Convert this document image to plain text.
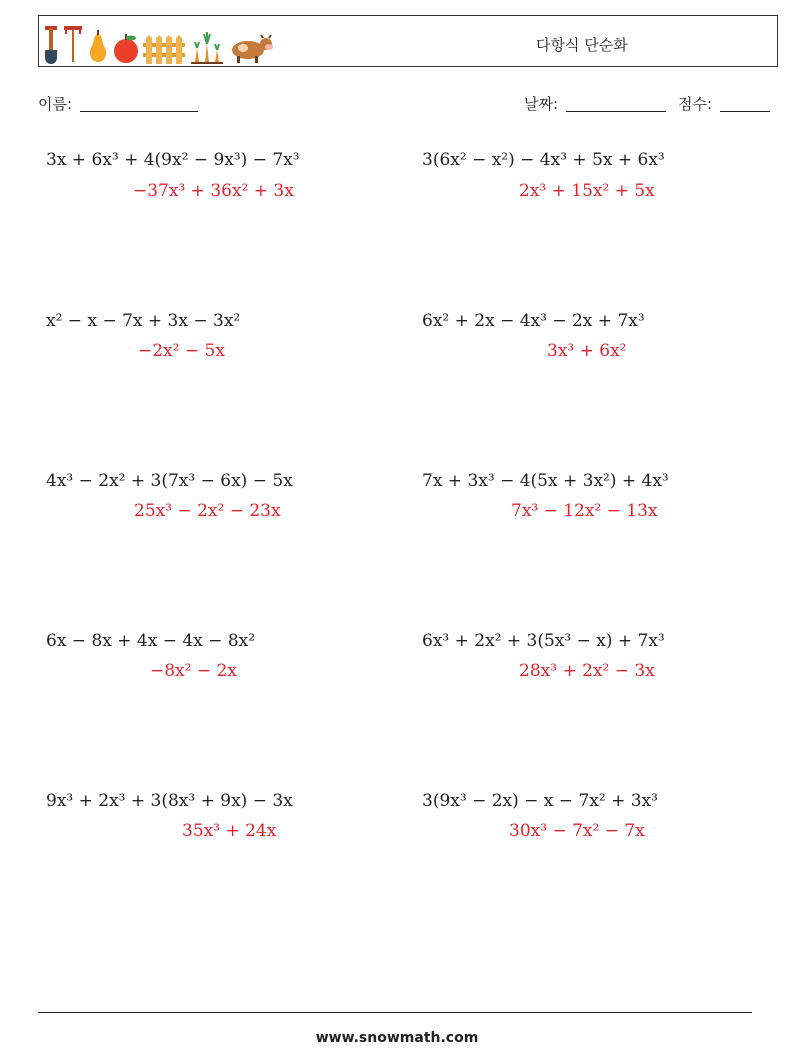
다항식 단순화
이름:	날짜:	점수:
3x + 6x³ + 4(9x² − 9x³) − 7x³
−37x³ + 36x² + 3x
3(6x² − x²) − 4x³ + 5x + 6x³
2x³ + 15x² + 5x
x² − x − 7x + 3x − 3x²
−2x² − 5x
6x² + 2x − 4x³ − 2x + 7x³
3x³ + 6x²
4x³ − 2x² + 3(7x³ − 6x) − 5x
25x³ − 2x² − 23x
7x + 3x³ − 4(5x + 3x²) + 4x³
7x³ − 12x² − 13x
6x − 8x + 4x − 4x − 8x²
−8x² − 2x
6x³ + 2x² + 3(5x³ − x) + 7x³
28x³ + 2x² − 3x
9x³ + 2x³ + 3(8x³ + 9x) − 3x
35x³ + 24x
3(9x³ − 2x) − x − 7x² + 3x³
30x³ − 7x² − 7x
www.snowmath.com
